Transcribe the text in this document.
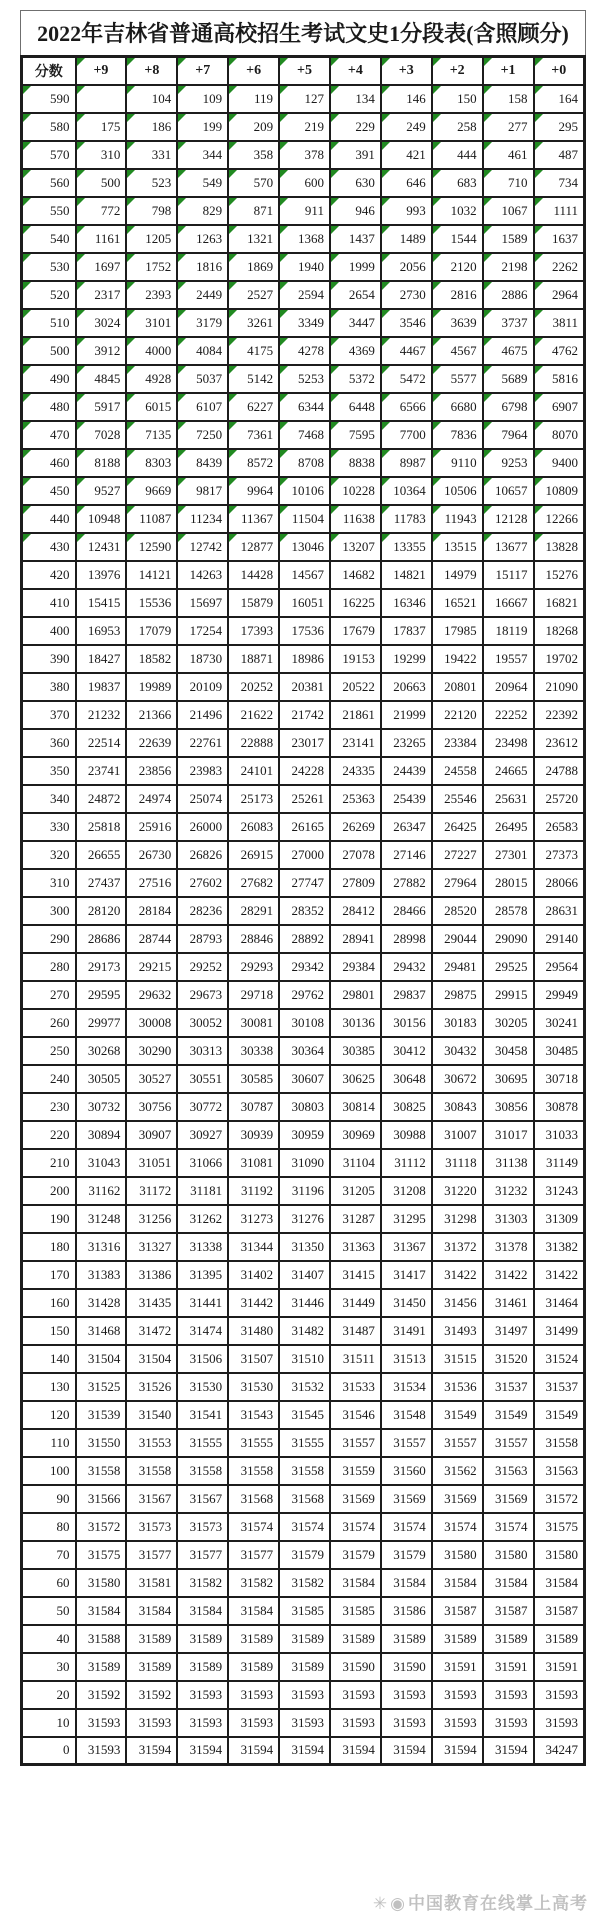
2022年吉林省普通高校招生考试文史1分段表(含照顾分)
分数	+9	+8	+7	+6	+5	+4	+3	+2	+1	+0

590		104	109	119	127	134	146	150	158	164

580	175	186	199	209	219	229	249	258	277	295

570	310	331	344	358	378	391	421	444	461	487

560	500	523	549	570	600	630	646	683	710	734

550	772	798	829	871	911	946	993	1032	1067	1111

540	1161	1205	1263	1321	1368	1437	1489	1544	1589	1637

530	1697	1752	1816	1869	1940	1999	2056	2120	2198	2262

520	2317	2393	2449	2527	2594	2654	2730	2816	2886	2964

510	3024	3101	3179	3261	3349	3447	3546	3639	3737	3811

500	3912	4000	4084	4175	4278	4369	4467	4567	4675	4762

490	4845	4928	5037	5142	5253	5372	5472	5577	5689	5816

480	5917	6015	6107	6227	6344	6448	6566	6680	6798	6907

470	7028	7135	7250	7361	7468	7595	7700	7836	7964	8070

460	8188	8303	8439	8572	8708	8838	8987	9110	9253	9400

450	9527	9669	9817	9964	10106	10228	10364	10506	10657	10809

440	10948	11087	11234	11367	11504	11638	11783	11943	12128	12266

430	12431	12590	12742	12877	13046	13207	13355	13515	13677	13828
420	13976	14121	14263	14428	14567	14682	14821	14979	15117	15276
410	15415	15536	15697	15879	16051	16225	16346	16521	16667	16821
400	16953	17079	17254	17393	17536	17679	17837	17985	18119	18268
390	18427	18582	18730	18871	18986	19153	19299	19422	19557	19702
380	19837	19989	20109	20252	20381	20522	20663	20801	20964	21090
370	21232	21366	21496	21622	21742	21861	21999	22120	22252	22392
360	22514	22639	22761	22888	23017	23141	23265	23384	23498	23612
350	23741	23856	23983	24101	24228	24335	24439	24558	24665	24788
340	24872	24974	25074	25173	25261	25363	25439	25546	25631	25720
330	25818	25916	26000	26083	26165	26269	26347	26425	26495	26583
320	26655	26730	26826	26915	27000	27078	27146	27227	27301	27373
310	27437	27516	27602	27682	27747	27809	27882	27964	28015	28066
300	28120	28184	28236	28291	28352	28412	28466	28520	28578	28631
290	28686	28744	28793	28846	28892	28941	28998	29044	29090	29140
280	29173	29215	29252	29293	29342	29384	29432	29481	29525	29564
270	29595	29632	29673	29718	29762	29801	29837	29875	29915	29949
260	29977	30008	30052	30081	30108	30136	30156	30183	30205	30241
250	30268	30290	30313	30338	30364	30385	30412	30432	30458	30485
240	30505	30527	30551	30585	30607	30625	30648	30672	30695	30718
230	30732	30756	30772	30787	30803	30814	30825	30843	30856	30878
220	30894	30907	30927	30939	30959	30969	30988	31007	31017	31033
210	31043	31051	31066	31081	31090	31104	31112	31118	31138	31149
200	31162	31172	31181	31192	31196	31205	31208	31220	31232	31243
190	31248	31256	31262	31273	31276	31287	31295	31298	31303	31309
180	31316	31327	31338	31344	31350	31363	31367	31372	31378	31382
170	31383	31386	31395	31402	31407	31415	31417	31422	31422	31422
160	31428	31435	31441	31442	31446	31449	31450	31456	31461	31464
150	31468	31472	31474	31480	31482	31487	31491	31493	31497	31499
140	31504	31504	31506	31507	31510	31511	31513	31515	31520	31524
130	31525	31526	31530	31530	31532	31533	31534	31536	31537	31537
120	31539	31540	31541	31543	31545	31546	31548	31549	31549	31549
110	31550	31553	31555	31555	31555	31557	31557	31557	31557	31558
100	31558	31558	31558	31558	31558	31559	31560	31562	31563	31563
90	31566	31567	31567	31568	31568	31569	31569	31569	31569	31572
80	31572	31573	31573	31574	31574	31574	31574	31574	31574	31575
70	31575	31577	31577	31577	31579	31579	31579	31580	31580	31580
60	31580	31581	31582	31582	31582	31584	31584	31584	31584	31584
50	31584	31584	31584	31584	31585	31585	31586	31587	31587	31587
40	31588	31589	31589	31589	31589	31589	31589	31589	31589	31589
30	31589	31589	31589	31589	31589	31590	31590	31591	31591	31591
20	31592	31592	31593	31593	31593	31593	31593	31593	31593	31593
10	31593	31593	31593	31593	31593	31593	31593	31593	31593	31593
0	31593	31594	31594	31594	31594	31594	31594	31594	31594	34247
✳ ◉ 中国教育在线掌上高考
